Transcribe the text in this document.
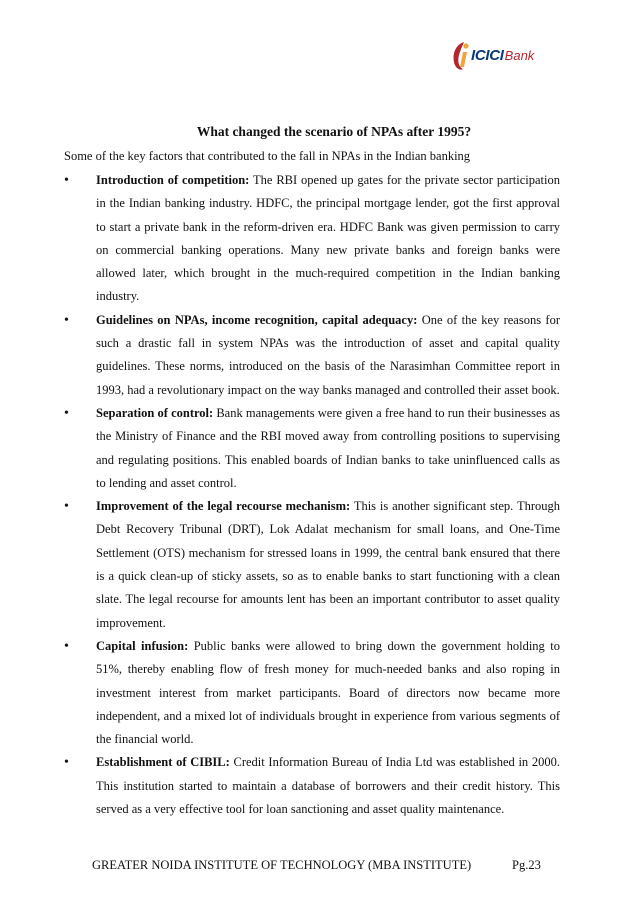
ICICIBank
What changed the scenario of NPAs after 1995?

Some of the key factors that contributed to the fall in NPAs in the Indian banking

• Introduction of competition: The RBI opened up gates for the private sector participation in the Indian banking industry. HDFC, the principal mortgage lender, got the first approval to start a private bank in the reform-driven era. HDFC Bank was given permission to carry on commercial banking operations. Many new private banks and foreign banks were allowed later, which brought in the much-required competition in the Indian banking industry.
• Guidelines on NPAs, income recognition, capital adequacy: One of the key reasons for such a drastic fall in system NPAs was the introduction of asset and capital quality guidelines. These norms, introduced on the basis of the Narasimhan Committee report in 1993, had a revolutionary impact on the way banks managed and controlled their asset book.
• Separation of control: Bank managements were given a free hand to run their businesses as the Ministry of Finance and the RBI moved away from controlling positions to supervising and regulating positions. This enabled boards of Indian banks to take uninfluenced calls as to lending and asset control.
• Improvement of the legal recourse mechanism: This is another significant step. Through Debt Recovery Tribunal (DRT), Lok Adalat mechanism for small loans, and One-Time Settlement (OTS) mechanism for stressed loans in 1999, the central bank ensured that there is a quick clean-up of sticky assets, so as to enable banks to start functioning with a clean slate. The legal recourse for amounts lent has been an important contributor to asset quality improvement.
• Capital infusion: Public banks were allowed to bring down the government holding to 51%, thereby enabling flow of fresh money for much-needed banks and also roping in investment interest from market participants. Board of directors now became more independent, and a mixed lot of individuals brought in experience from various segments of the financial world.
• Establishment of CIBIL: Credit Information Bureau of India Ltd was established in 2000. This institution started to maintain a database of borrowers and their credit history. This served as a very effective tool for loan sanctioning and asset quality maintenance.
GREATER NOIDA INSTITUTE OF TECHNOLOGY (MBA INSTITUTE)	Pg.23
